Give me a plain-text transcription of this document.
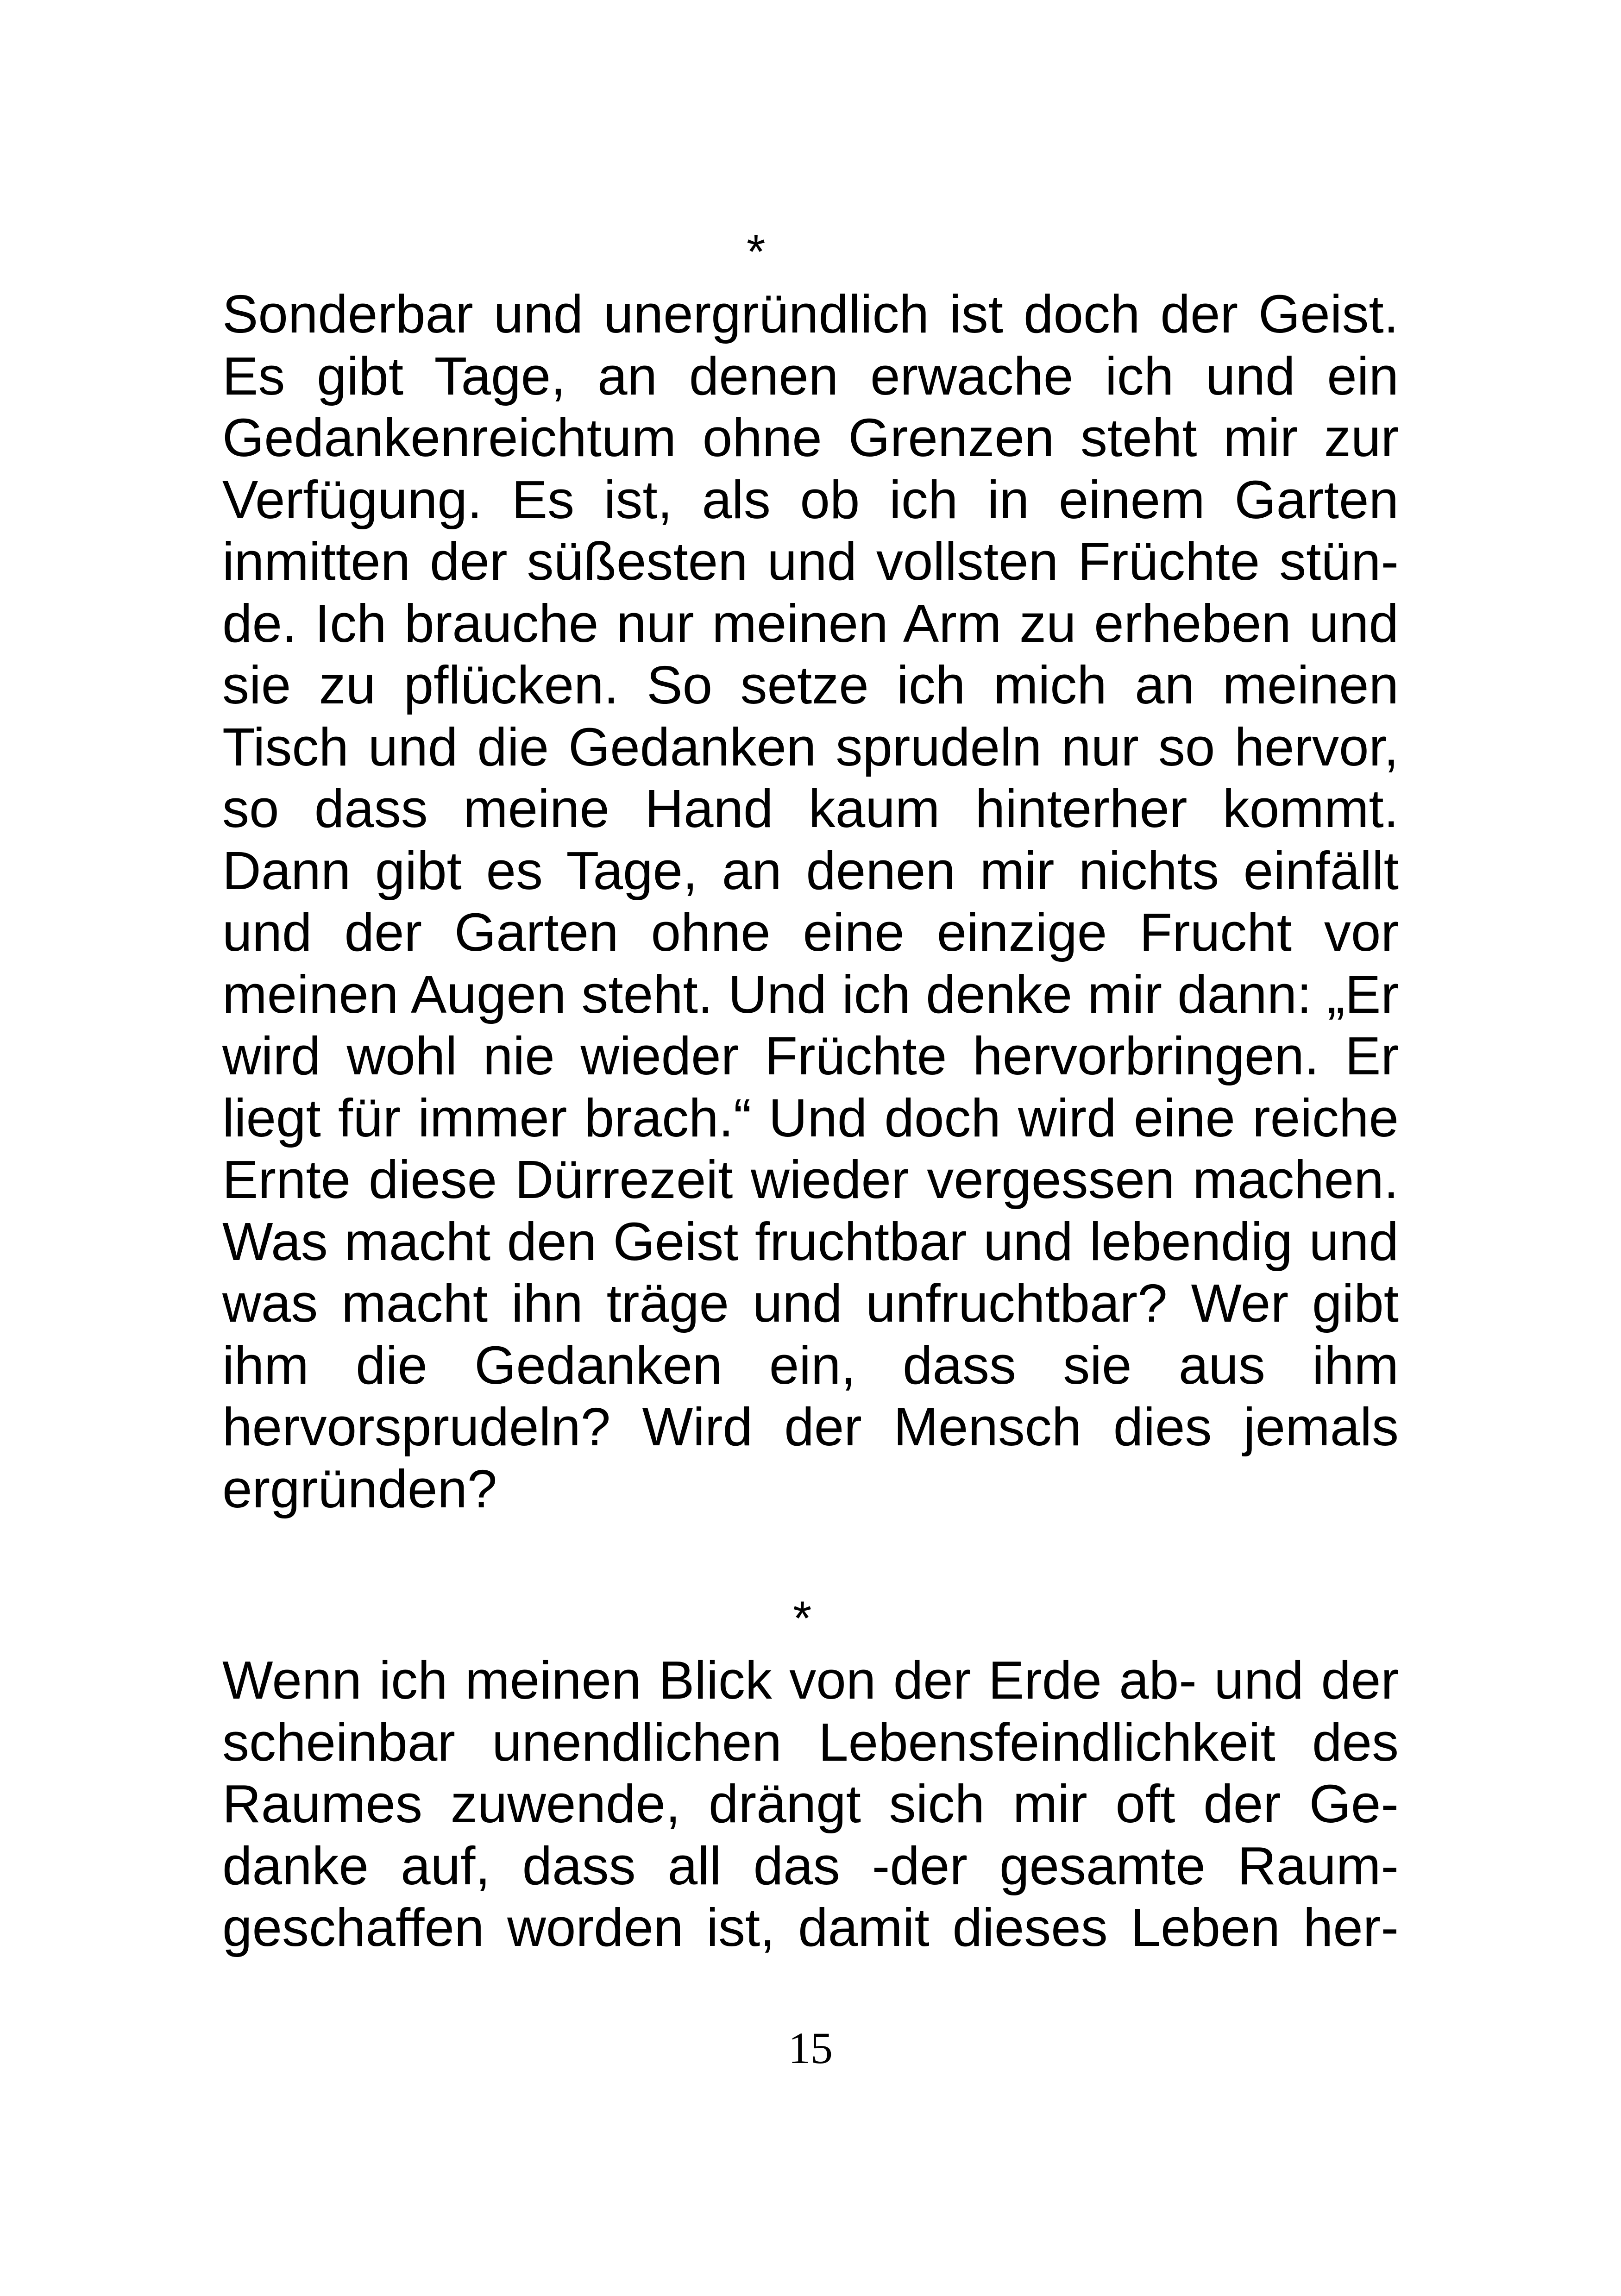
*
Sonderbar und unergründlich ist doch der Geist.
Es gibt Tage, an denen erwache ich und ein
Gedankenreichtum ohne Grenzen steht mir zur
Verfügung. Es ist, als ob ich in einem Garten
inmitten der süßesten und vollsten Früchte stün-
de. Ich brauche nur meinen Arm zu erheben und
sie zu pflücken. So setze ich mich an meinen
Tisch und die Gedanken sprudeln nur so hervor,
so dass meine Hand kaum hinterher kommt.
Dann gibt es Tage, an denen mir nichts einfällt
und der Garten ohne eine einzige Frucht vor
meinen Augen steht. Und ich denke mir dann: „Er
wird wohl nie wieder Früchte hervorbringen. Er
liegt für immer brach.“ Und doch wird eine reiche
Ernte diese Dürrezeit wieder vergessen machen.
Was macht den Geist fruchtbar und lebendig und
was macht ihn träge und unfruchtbar? Wer gibt
ihm die Gedanken ein, dass sie aus ihm
hervorsprudeln? Wird der Mensch dies jemals
ergründen?
*
Wenn ich meinen Blick von der Erde ab- und der
scheinbar unendlichen Lebensfeindlichkeit des
Raumes zuwende, drängt sich mir oft der Ge-
danke auf, dass all das -der gesamte Raum-
geschaffen worden ist, damit dieses Leben her-
15
